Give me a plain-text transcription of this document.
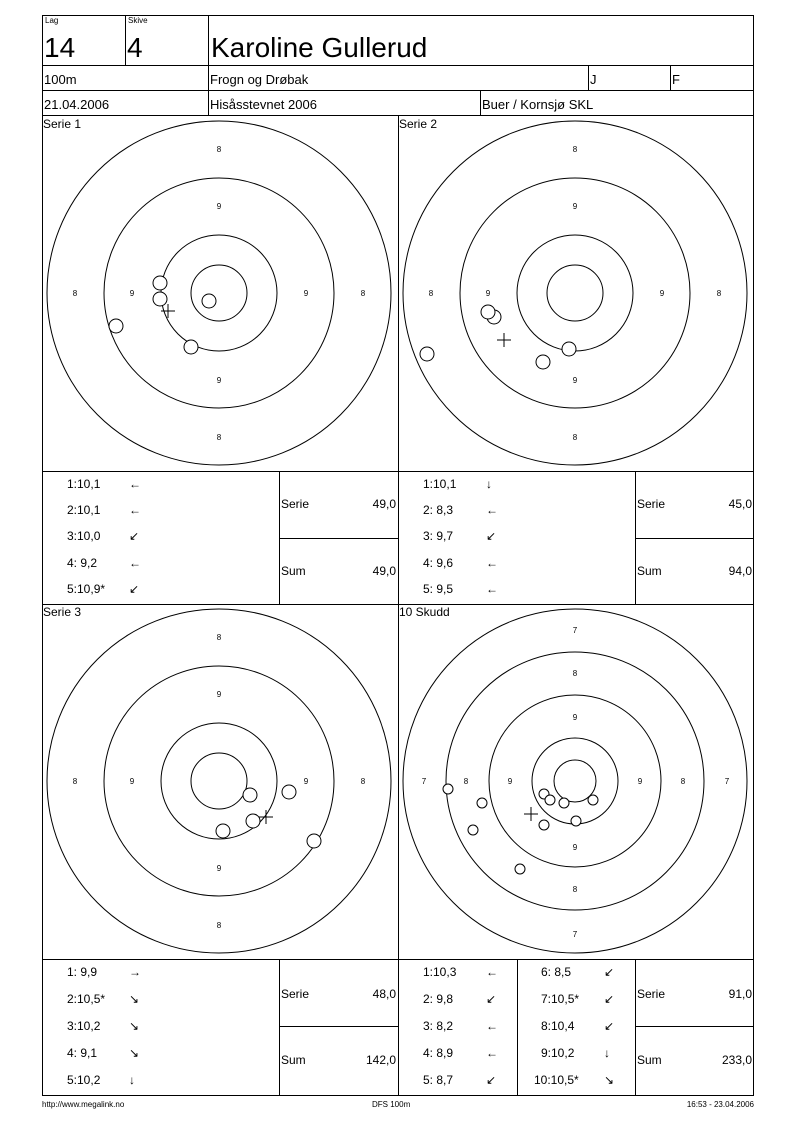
Lag
14
Skive
4 Karoline Gullerud
100m	Frogn og Drøbak	J	F
21.04.2006	Hisåsstevnet 2006	Buer / Kornsjø SKL
Serie 1	Serie 2
Serie 3	10 Skudd
8
8
8	8
9
9
9	9
8
8
8	8
9
9
9	9
8
8
8	8
9
9
9	9
7
7
7	7
8
8
8	8
9
9
9	9
1:10,1 ←
2:10,1 ←
3:10,0 ↙
4: 9,2	←
5:10,9* ↙
Serie	49,0
Sum	49,0
1:10,1 ↓
2: 8,3	←
3: 9,7	↙
4: 9,6	←
5: 9,5	←
Serie	45,0
Sum	94,0
1: 9,9	→
2:10,5* ↘
3:10,2 ↘
4: 9,1	↘
5:10,2 ↓
Serie	48,0
Sum	142,0
1:10,3 ←
2: 9,8	↙
3: 8,2	←
4: 8,9	←
5: 8,7	↙
6: 8,5	↙
7:10,5* ↙
8:10,4 ↙
9:10,2 ↓
10:10,5* ↘
Serie	91,0
Sum	233,0
http://www.megalink.no	DFS 100m	16:53 - 23.04.2006
